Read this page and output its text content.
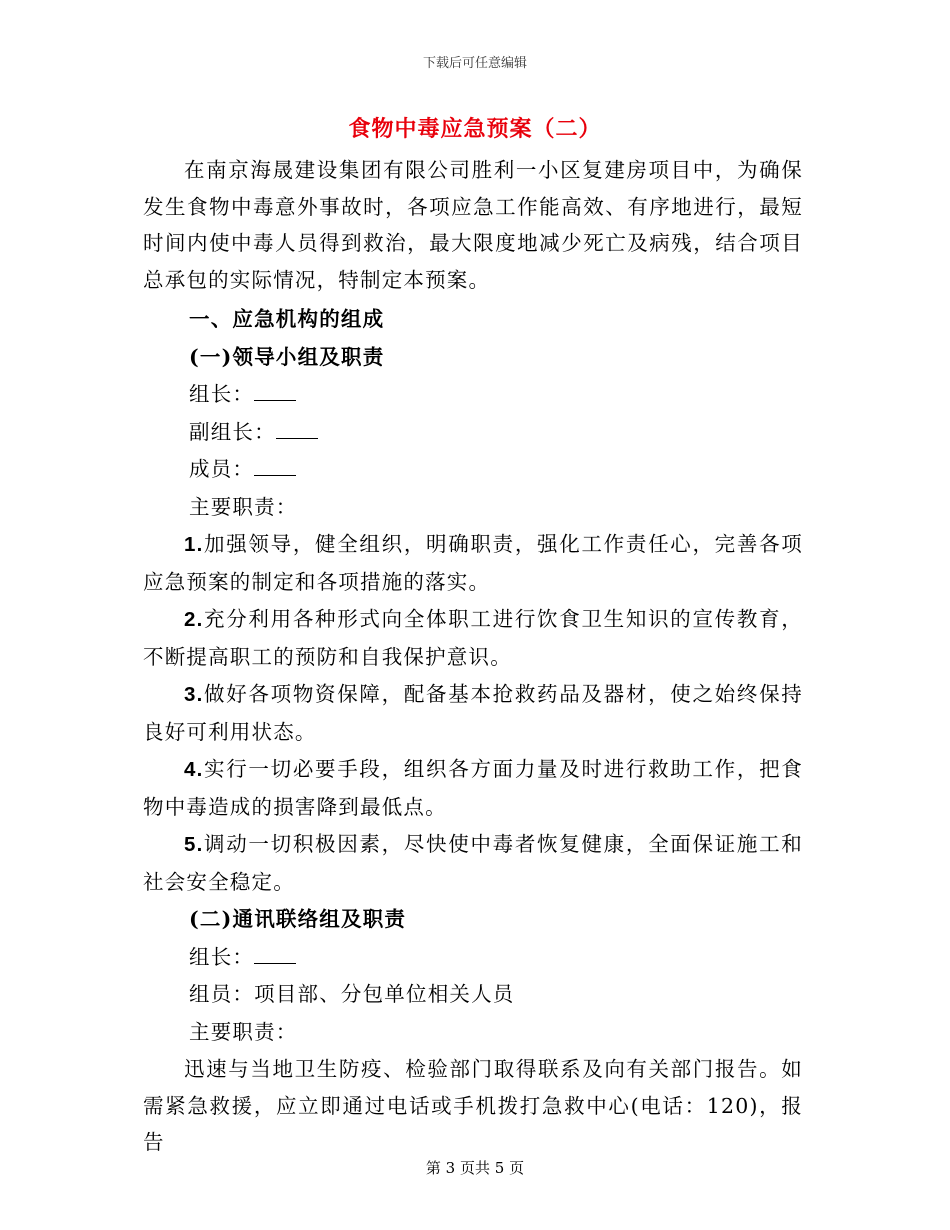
下载后可任意编辑
食物中毒应急预案（二）

在南京海晟建设集团有限公司胜利一小区复建房项目中，为确保发生食物中毒意外事故时，各项应急工作能高效、有序地进行，最短时间内使中毒人员得到救治，最大限度地减少死亡及病残，结合项目总承包的实际情况，特制定本预案。

一、应急机构的组成

(一)领导小组及职责

组长：

副组长：

成员：

主要职责：

1.加强领导，健全组织，明确职责，强化工作责任心，完善各项应急预案的制定和各项措施的落实。

2.充分利用各种形式向全体职工进行饮食卫生知识的宣传教育，不断提高职工的预防和自我保护意识。

3.做好各项物资保障，配备基本抢救药品及器材，使之始终保持良好可利用状态。

4.实行一切必要手段，组织各方面力量及时进行救助工作，把食物中毒造成的损害降到最低点。

5.调动一切积极因素，尽快使中毒者恢复健康，全面保证施工和社会安全稳定。

(二)通讯联络组及职责

组长：

组员：项目部、分包单位相关人员

主要职责：

迅速与当地卫生防疫、检验部门取得联系及向有关部门报告。如需紧急救援，应立即通过电话或手机拨打急救中心(电话：120)，报告

第 3 页共 5 页
